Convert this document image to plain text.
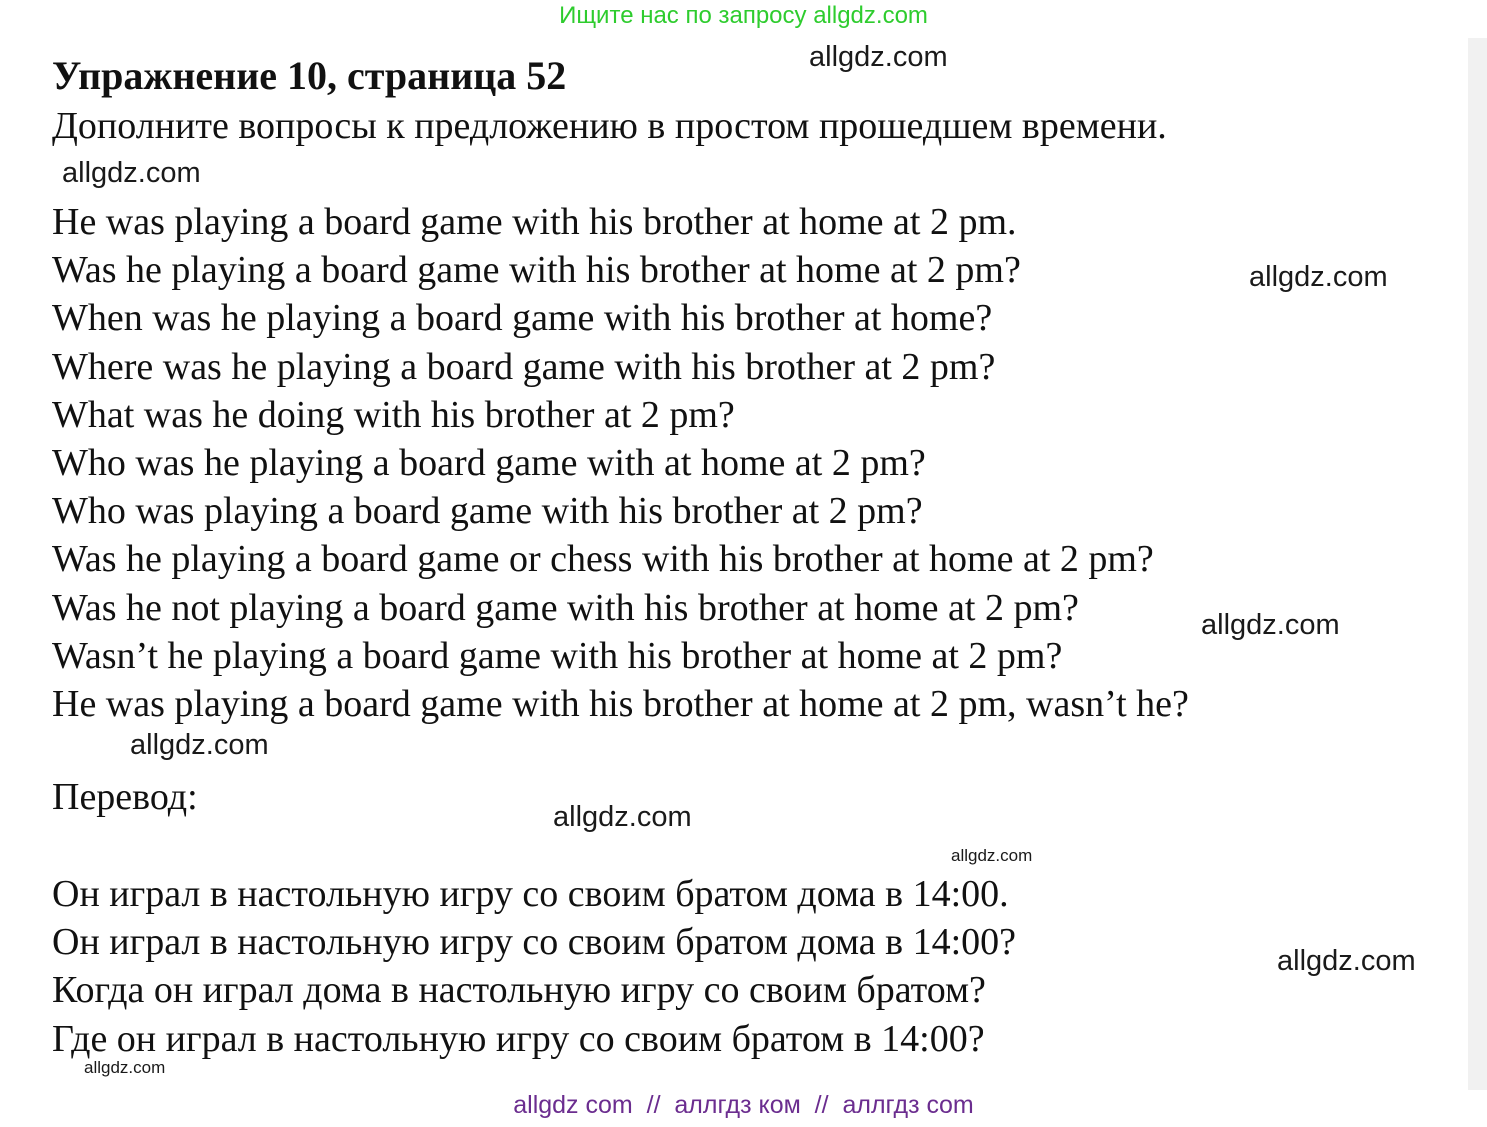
Ищите нас по запросу allgdz.com
Упражнение 10, страница 52
Дополните вопросы к предложению в простом прошедшем времени.
He was playing a board game with his brother at home at 2 pm.
Was he playing a board game with his brother at home at 2 pm?
When was he playing a board game with his brother at home?
Where was he playing a board game with his brother at 2 pm?
What was he doing with his brother at 2 pm?
Who was he playing a board game with at home at 2 pm?
Who was playing a board game with his brother at 2 pm?
Was he playing a board game or chess with his brother at home at 2 pm?
Was he not playing a board game with his brother at home at 2 pm?
Wasn’t he playing a board game with his brother at home at 2 pm?
He was playing a board game with his brother at home at 2 pm, wasn’t he?
Перевод:
Он играл в настольную игру со своим братом дома в 14:00.
Он играл в настольную игру со своим братом дома в 14:00?
Когда он играл дома в настольную игру со своим братом?
Где он играл в настольную игру со своим братом в 14:00?
allgdz.com
allgdz.com
allgdz.com
allgdz.com
allgdz.com
allgdz.com
allgdz.com
allgdz.com
allgdz.com
allgdz com  //  аллгдз ком  //  аллгдз com
